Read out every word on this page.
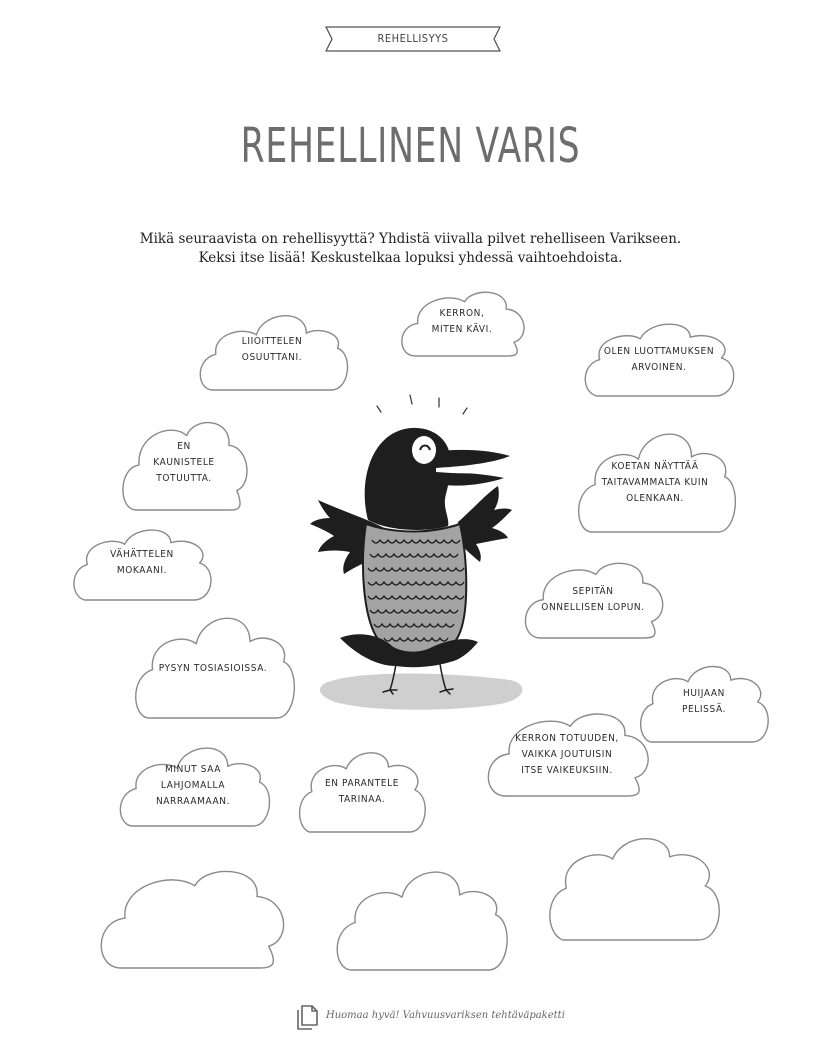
REHELLISYYS
REHELLINEN VARIS
Mikä seuraavista on rehellisyyttä? Yhdistä viivalla pilvet rehelliseen Varikseen.
Keksi itse lisää! Keskustelkaa lopuksi yhdessä vaihtoehdoista.
LIIOITTELEN
OSUUTTANI.
KERRON,
MITEN KÄVI.
OLEN LUOTTAMUKSEN
ARVOINEN.
EN
KAUNISTELE
TOTUUTTA.
KOETAN NÄYTTÄÄ
TAITAVAMMALTA KUIN
OLENKAAN.
VÄHÄTTELEN
MOKAANI.
SEPITÄN
ONNELLISEN LOPUN.
PYSYN TOSIASIOISSA.
HUIJAAN
PELISSÄ.
KERRON TOTUUDEN,
VAIKKA JOUTUISIN
ITSE VAIKEUKSIIN.
MINUT SAA
LAHJOMALLA
NARRAAMAAN.
EN PARANTELE
TARINAA.
Huomaa hyvä! Vahvuusvariksen tehtäväpaketti
